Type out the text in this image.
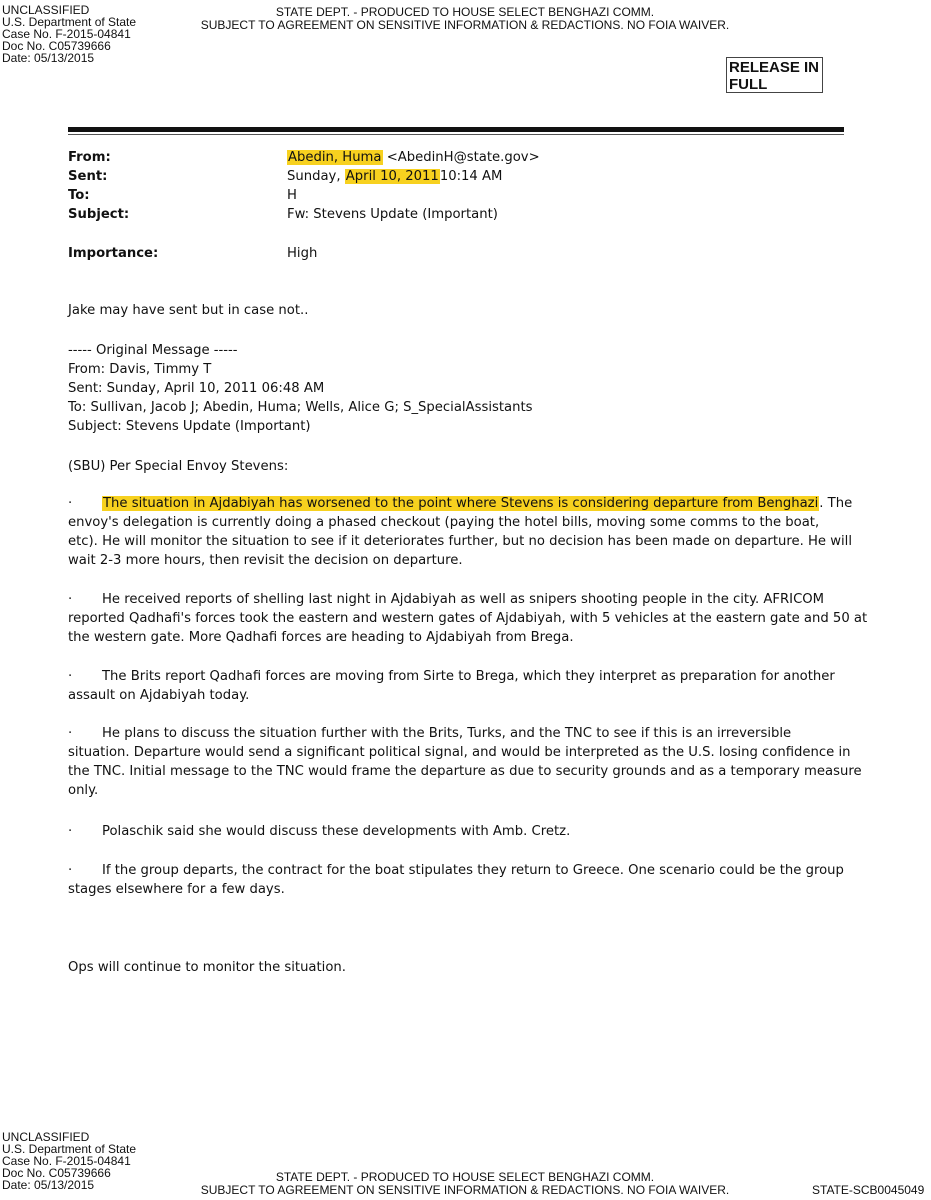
UNCLASSIFIED
U.S. Department of State
Case No. F-2015-04841
Doc No. C05739666
Date: 05/13/2015
STATE DEPT. - PRODUCED TO HOUSE SELECT BENGHAZI COMM.
SUBJECT TO AGREEMENT ON SENSITIVE INFORMATION & REDACTIONS. NO FOIA WAIVER.
RELEASE IN
FULL
From:	Abedin, Huma <AbedinH@state.gov>
Sent:	Sunday, April 10, 201110:14 AM
To:	H
Subject:	Fw: Stevens Update (Important)
Importance:	High

Jake may have sent but in case not..

----- Original Message -----
From: Davis, Timmy T
Sent: Sunday, April 10, 2011 06:48 AM
To: Sullivan, Jacob J; Abedin, Huma; Wells, Alice G; S_SpecialAssistants
Subject: Stevens Update (Important)
(SBU) Per Special Envoy Stevens:
· The situation in Ajdabiyah has worsened to the point where Stevens is considering departure from Benghazi. The
envoy's delegation is currently doing a phased checkout (paying the hotel bills, moving some comms to the boat,
etc). He will monitor the situation to see if it deteriorates further, but no decision has been made on departure. He will
wait 2-3 more hours, then revisit the decision on departure.
· He received reports of shelling last night in Ajdabiyah as well as snipers shooting people in the city. AFRICOM
reported Qadhafi's forces took the eastern and western gates of Ajdabiyah, with 5 vehicles at the eastern gate and 50 at
the western gate. More Qadhafi forces are heading to Ajdabiyah from Brega.
· The Brits report Qadhafi forces are moving from Sirte to Brega, which they interpret as preparation for another
assault on Ajdabiyah today.
· He plans to discuss the situation further with the Brits, Turks, and the TNC to see if this is an irreversible
situation. Departure would send a significant political signal, and would be interpreted as the U.S. losing confidence in
the TNC. Initial message to the TNC would frame the departure as due to security grounds and as a temporary measure
only.
· Polaschik said she would discuss these developments with Amb. Cretz.
· If the group departs, the contract for the boat stipulates they return to Greece. One scenario could be the group
stages elsewhere for a few days.
Ops will continue to monitor the situation.
UNCLASSIFIED
U.S. Department of State
Case No. F-2015-04841
Doc No. C05739666
Date: 05/13/2015
STATE DEPT. - PRODUCED TO HOUSE SELECT BENGHAZI COMM.
SUBJECT TO AGREEMENT ON SENSITIVE INFORMATION & REDACTIONS. NO FOIA WAIVER.	STATE-SCB0045049
